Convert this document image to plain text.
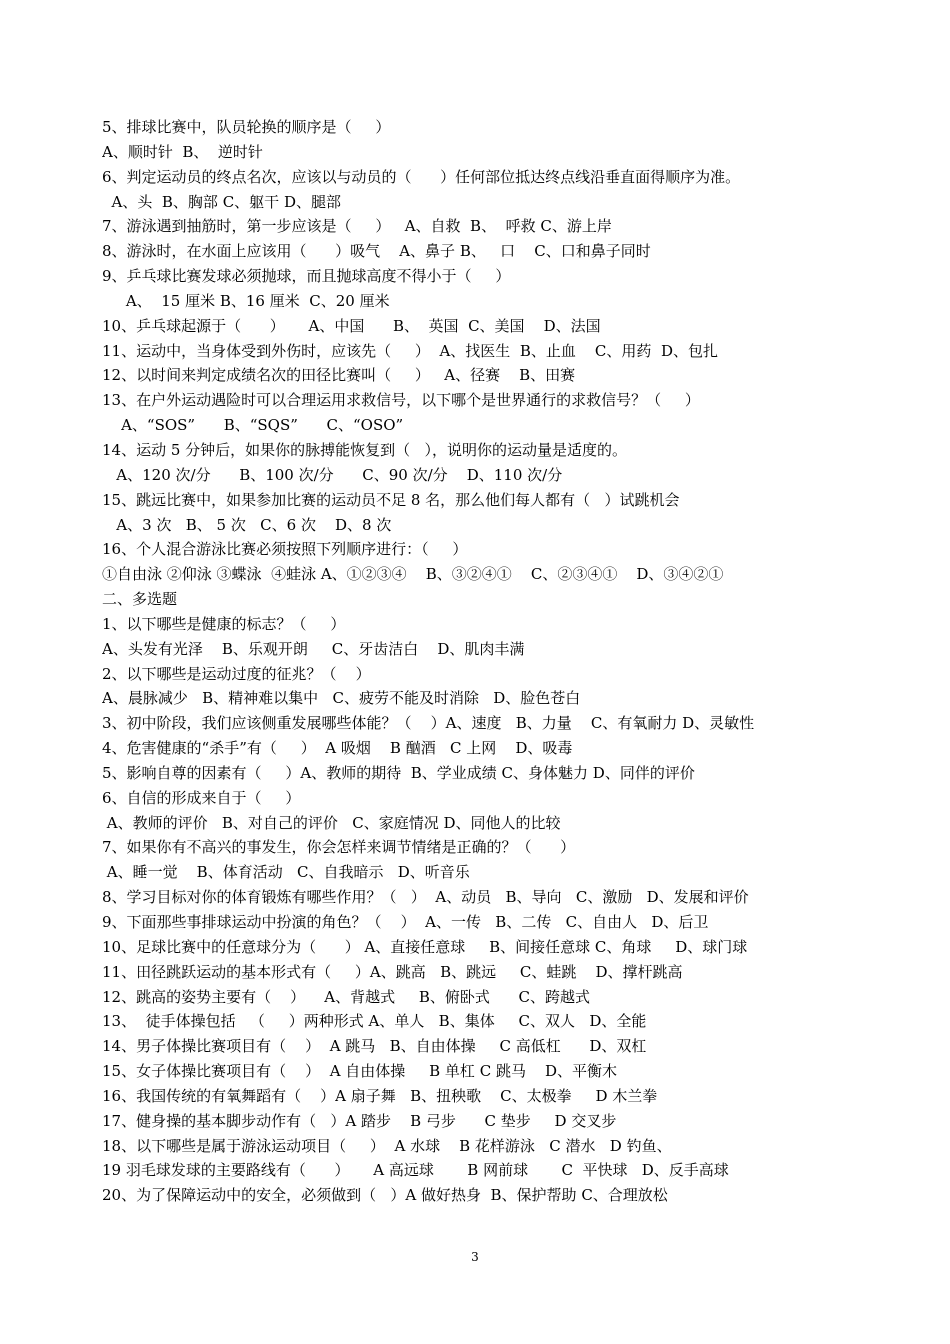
5、排球比赛中，队员轮换的顺序是（     ）
A、顺时针  B、  逆时针
6、判定运动员的终点名次，应该以与动员的（      ）任何部位抵达终点线沿垂直面得顺序为准。
A、头  B、胸部 C、躯干 D、腿部
7、游泳遇到抽筋时，第一步应该是（     ）   A、自救  B、  呼救 C、游上岸
8、游泳时，在水面上应该用（      ）吸气    A、鼻子 B、   口    C、口和鼻子同时
9、乒乓球比赛发球必须抛球，而且抛球高度不得小于（     ）
A、  15 厘米 B、16 厘米  C、20 厘米
10、乒乓球起源于（      ）     A、中国      B、  英国  C、美国    D、法国
11、运动中，当身体受到外伤时，应该先（     ）  A、找医生  B、止血    C、用药  D、包扎
12、以时间来判定成绩名次的田径比赛叫（     ）   A、径赛    B、田赛
13、在户外运动遇险时可以合理运用求救信号，以下哪个是世界通行的求救信号？（     ）
A、“SOS”      B、“SQS”      C、“OSO”
14、运动 5 分钟后，如果你的脉搏能恢复到（   ），说明你的运动量是适度的。
A、120 次/分      B、100 次/分      C、90 次/分    D、110 次/分
15、跳远比赛中，如果参加比赛的运动员不足 8 名，那么他们每人都有（   ）试跳机会
A、3 次   B、 5 次   C、6 次    D、8 次
16、个人混合游泳比赛必须按照下列顺序进行：（     ）
①自由泳 ②仰泳 ③蝶泳  ④蛙泳 A、①②③④    B、③②④①    C、②③④①    D、③④②①
二、多选题
1、以下哪些是健康的标志？（     ）
A、头发有光泽    B、乐观开朗     C、牙齿洁白    D、肌肉丰满
2、以下哪些是运动过度的征兆？（    ）
A、晨脉减少   B、精神难以集中   C、疲劳不能及时消除   D、脸色苍白
3、初中阶段，我们应该侧重发展哪些体能？（    ）A、速度   B、力量    C、有氧耐力 D、灵敏性
4、危害健康的“杀手”有（     ）  A 吸烟    B 酗酒   C 上网    D、吸毒
5、影响自尊的因素有（     ）A、教师的期待  B、学业成绩 C、身体魅力 D、同伴的评价
6、自信的形成来自于（     ）
A、教师的评价   B、对自己的评价   C、家庭情况 D、同他人的比较
7、如果你有不高兴的事发生，你会怎样来调节情绪是正确的？（      ）
A、睡一觉    B、体育活动   C、自我暗示   D、听音乐
8、学习目标对你的体育锻炼有哪些作用？（   ）  A、动员   B、导向   C、激励   D、发展和评价
9、下面那些事排球运动中扮演的角色？（    ）  A、一传   B、二传   C、自由人   D、后卫
10、足球比赛中的任意球分为（      ） A、直接任意球     B、间接任意球 C、角球     D、球门球
11、田径跳跃运动的基本形式有（     ）A、跳高   B、跳远     C、蛙跳    D、撑杆跳高
12、跳高的姿势主要有（    ）    A、背越式     B、俯卧式      C、跨越式
13、  徒手体操包括   （     ）两种形式 A、单人   B、集体     C、双人   D、全能
14、男子体操比赛项目有（    ）  A 跳马   B、自由体操     C 高低杠      D、双杠
15、女子体操比赛项目有（    ）  A 自由体操     B 单杠 C 跳马    D、平衡木
16、我国传统的有氧舞蹈有（    ）A 扇子舞   B、扭秧歌    C、太极拳     D 木兰拳
17、健身操的基本脚步动作有（   ）A 踏步    B 弓步      C 垫步     D 交叉步
18、以下哪些是属于游泳运动项目（     ）  A 水球    B 花样游泳   C 潜水   D 钓鱼、
19 羽毛球发球的主要路线有（      ）     A 高远球       B 网前球       C  平快球   D、反手高球
20、为了保障运动中的安全，必须做到（   ）A 做好热身  B、保护帮助 C、合理放松
3
